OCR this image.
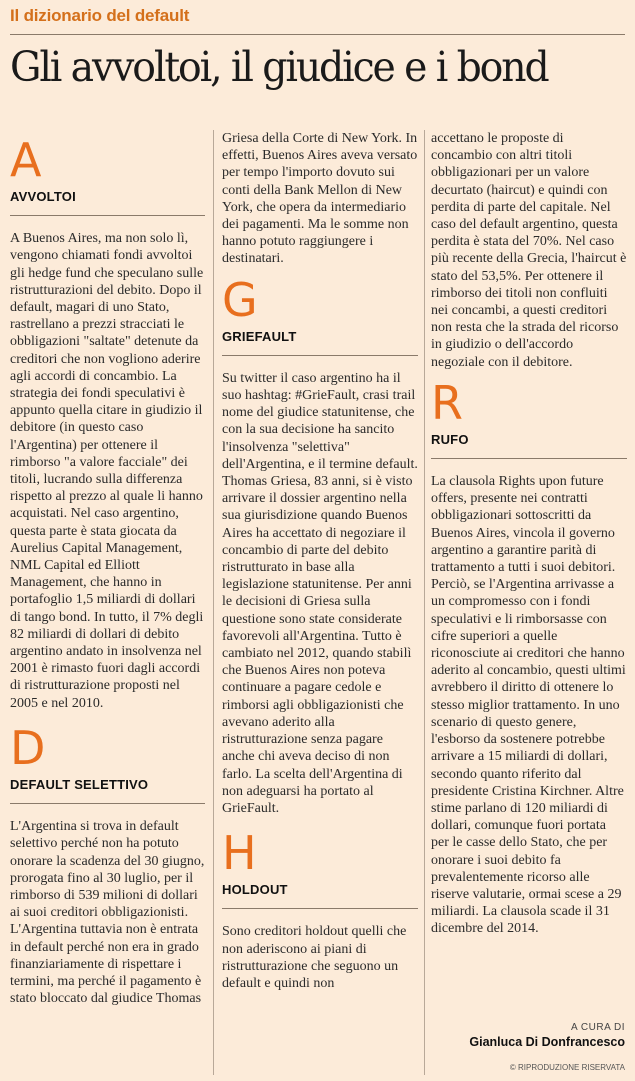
Il dizionario del default
Gli avvoltoi, il giudice e i bond
A
AVVOLTOI

A Buenos Aires, ma non solo lì, vengono chiamati fondi avvoltoi gli hedge fund che speculano sulle ristrutturazioni del debito. Dopo il default, magari di uno Stato, rastrellano a prezzi stracciati le obbligazioni "saltate" detenute da creditori che non vogliono aderire agli accordi di concambio. La strategia dei fondi speculativi è appunto quella citare in giudizio il debitore (in questo caso l'Argentina) per ottenere il rimborso "a valore facciale" dei titoli, lucrando sulla differenza rispetto al prezzo al quale li hanno acquistati. Nel caso argentino, questa parte è stata giocata da Aurelius Capital Management, NML Capital ed Elliott Management, che hanno in portafoglio 1,5 miliardi di dollari di tango bond. In tutto, il 7% degli 82 miliardi di dollari di debito argentino andato in insolvenza nel 2001 è rimasto fuori dagli accordi di ristrutturazione proposti nel 2005 e nel 2010.

D
DEFAULT SELETTIVO

L'Argentina si trova in default selettivo perché non ha potuto onorare la scadenza del 30 giugno, prorogata fino al 30 luglio, per il rimborso di 539 milioni di dollari ai suoi creditori obbligazionisti. L'Argentina tuttavia non è entrata in default perché non era in grado finanziariamente di rispettare i termini, ma perché il pagamento è stato bloccato dal giudice Thomas

Griesa della Corte di New York. In effetti, Buenos Aires aveva versato per tempo l'importo dovuto sui conti della Bank Mellon di New York, che opera da intermediario dei pagamenti. Ma le somme non hanno potuto raggiungere i destinatari.

G
GRIEFAULT

Su twitter il caso argentino ha il suo hashtag: #GrieFault, crasi trail nome del giudice statunitense, che con la sua decisione ha sancito l'insolvenza "selettiva" dell'Argentina, e il termine default. Thomas Griesa, 83 anni, si è visto arrivare il dossier argentino nella sua giurisdizione quando Buenos Aires ha accettato di negoziare il concambio di parte del debito ristrutturato in base alla legislazione statunitense. Per anni le decisioni di Griesa sulla questione sono state considerate favorevoli all'Argentina. Tutto è cambiato nel 2012, quando stabilì che Buenos Aires non poteva continuare a pagare cedole e rimborsi agli obbligazionisti che avevano aderito alla ristrutturazione senza pagare anche chi aveva deciso di non farlo. La scelta dell'Argentina di non adeguarsi ha portato al GrieFault.

H
HOLDOUT

Sono creditori holdout quelli che non aderiscono ai piani di ristrutturazione che seguono un default e quindi non

accettano le proposte di concambio con altri titoli obbligazionari per un valore decurtato (haircut) e quindi con perdita di parte del capitale. Nel caso del default argentino, questa perdita è stata del 70%. Nel caso più recente della Grecia, l'haircut è stato del 53,5%. Per ottenere il rimborso dei titoli non confluiti nei concambi, a questi creditori non resta che la strada del ricorso in giudizio o dell'accordo negoziale con il debitore.

R
RUFO

La clausola Rights upon future offers, presente nei contratti obbligazionari sottoscritti da Buenos Aires, vincola il governo argentino a garantire parità di trattamento a tutti i suoi debitori. Perciò, se l'Argentina arrivasse a un compromesso con i fondi speculativi e li rimborsasse con cifre superiori a quelle riconosciute ai creditori che hanno aderito al concambio, questi ultimi avrebbero il diritto di ottenere lo stesso miglior trattamento. In uno scenario di questo genere, l'esborso da sostenere potrebbe arrivare a 15 miliardi di dollari, secondo quanto riferito dal presidente Cristina Kirchner. Altre stime parlano di 120 miliardi di dollari, comunque fuori portata per le casse dello Stato, che per onorare i suoi debito fa prevalentemente ricorso alle riserve valutarie, ormai scese a 29 miliardi. La clausola scade il 31 dicembre del 2014.

A CURA DI
Gianluca Di Donfrancesco
© RIPRODUZIONE RISERVATA
